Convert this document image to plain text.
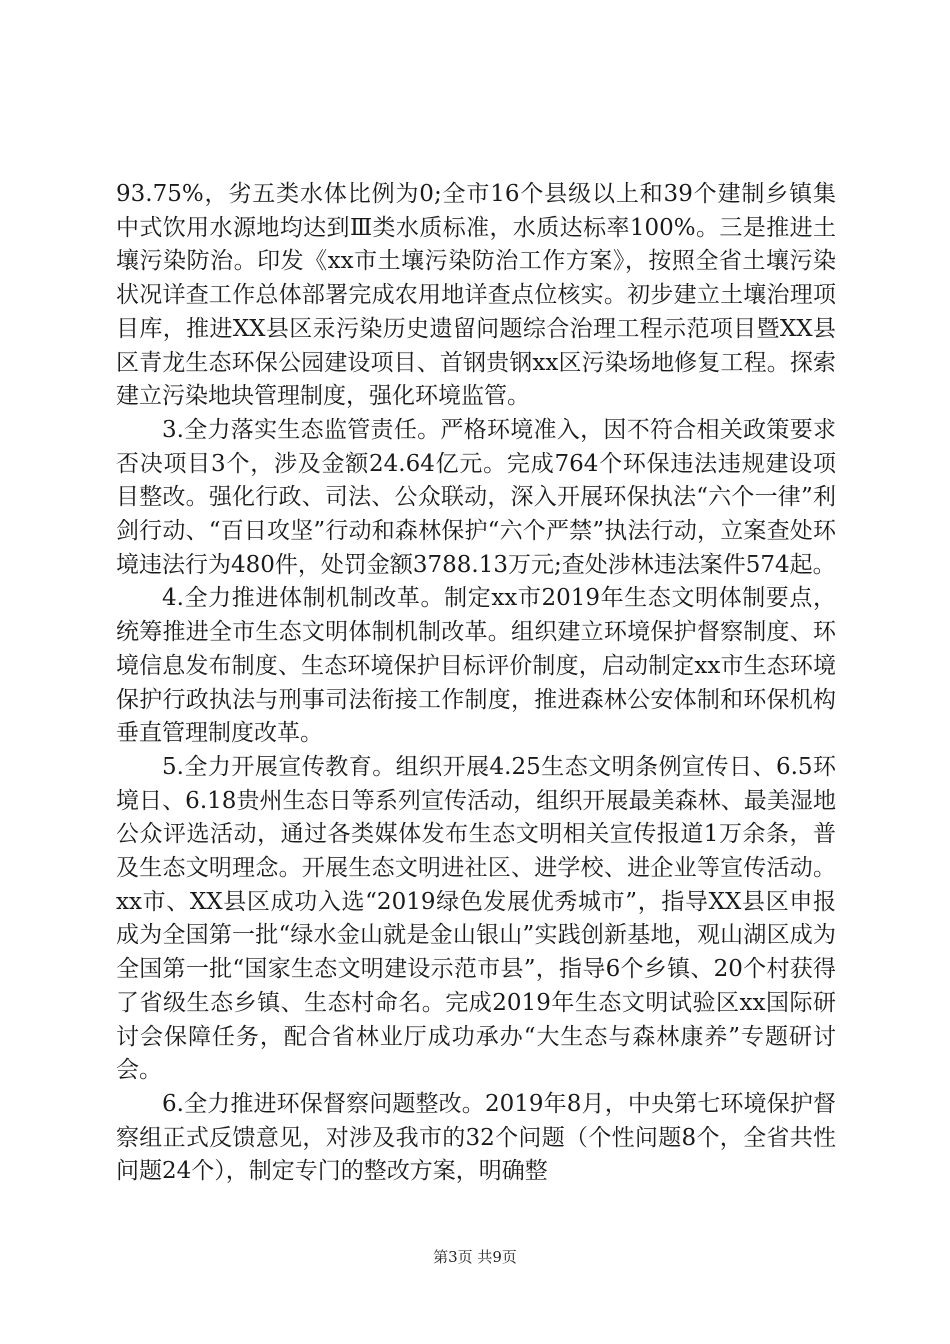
93.75%，劣五类水体比例为0;全市16个县级以上和39个建制乡镇集中式饮用水源地均达到Ⅲ类水质标准，水质达标率100%。三是推进土壤污染防治。印发《xx市土壤污染防治工作方案》，按照全省土壤污染状况详查工作总体部署完成农用地详查点位核实。初步建立土壤治理项目库，推进XX县区汞污染历史遗留问题综合治理工程示范项目暨XX县区青龙生态环保公园建设项目、首钢贵钢xx区污染场地修复工程。探索建立污染地块管理制度，强化环境监管。

3.全力落实生态监管责任。严格环境准入，因不符合相关政策要求否决项目3个，涉及金额24.64亿元。完成764个环保违法违规建设项目整改。强化行政、司法、公众联动，深入开展环保执法“六个一律”利剑行动、“百日攻坚”行动和森林保护“六个严禁”执法行动，立案查处环境违法行为480件，处罚金额3788.13万元;查处涉林违法案件574起。

4.全力推进体制机制改革。制定xx市2019年生态文明体制要点，统筹推进全市生态文明体制机制改革。组织建立环境保护督察制度、环境信息发布制度、生态环境保护目标评价制度，启动制定xx市生态环境保护行政执法与刑事司法衔接工作制度，推进森林公安体制和环保机构垂直管理制度改革。

5.全力开展宣传教育。组织开展4.25生态文明条例宣传日、6.5环境日、6.18贵州生态日等系列宣传活动，组织开展最美森林、最美湿地公众评选活动，通过各类媒体发布生态文明相关宣传报道1万余条，普及生态文明理念。开展生态文明进社区、进学校、进企业等宣传活动。xx市、XX县区成功入选“2019绿色发展优秀城市”，指导XX县区申报成为全国第一批“绿水金山就是金山银山”实践创新基地，观山湖区成为全国第一批“国家生态文明建设示范市县”，指导6个乡镇、20个村获得了省级生态乡镇、生态村命名。完成2019年生态文明试验区xx国际研讨会保障任务，配合省林业厅成功承办“大生态与森林康养”专题研讨会。

6.全力推进环保督察问题整改。2019年8月，中央第七环境保护督察组正式反馈意见，对涉及我市的32个问题（个性问题8个，全省共性问题24个），制定专门的整改方案，明确整

第3页 共9页
